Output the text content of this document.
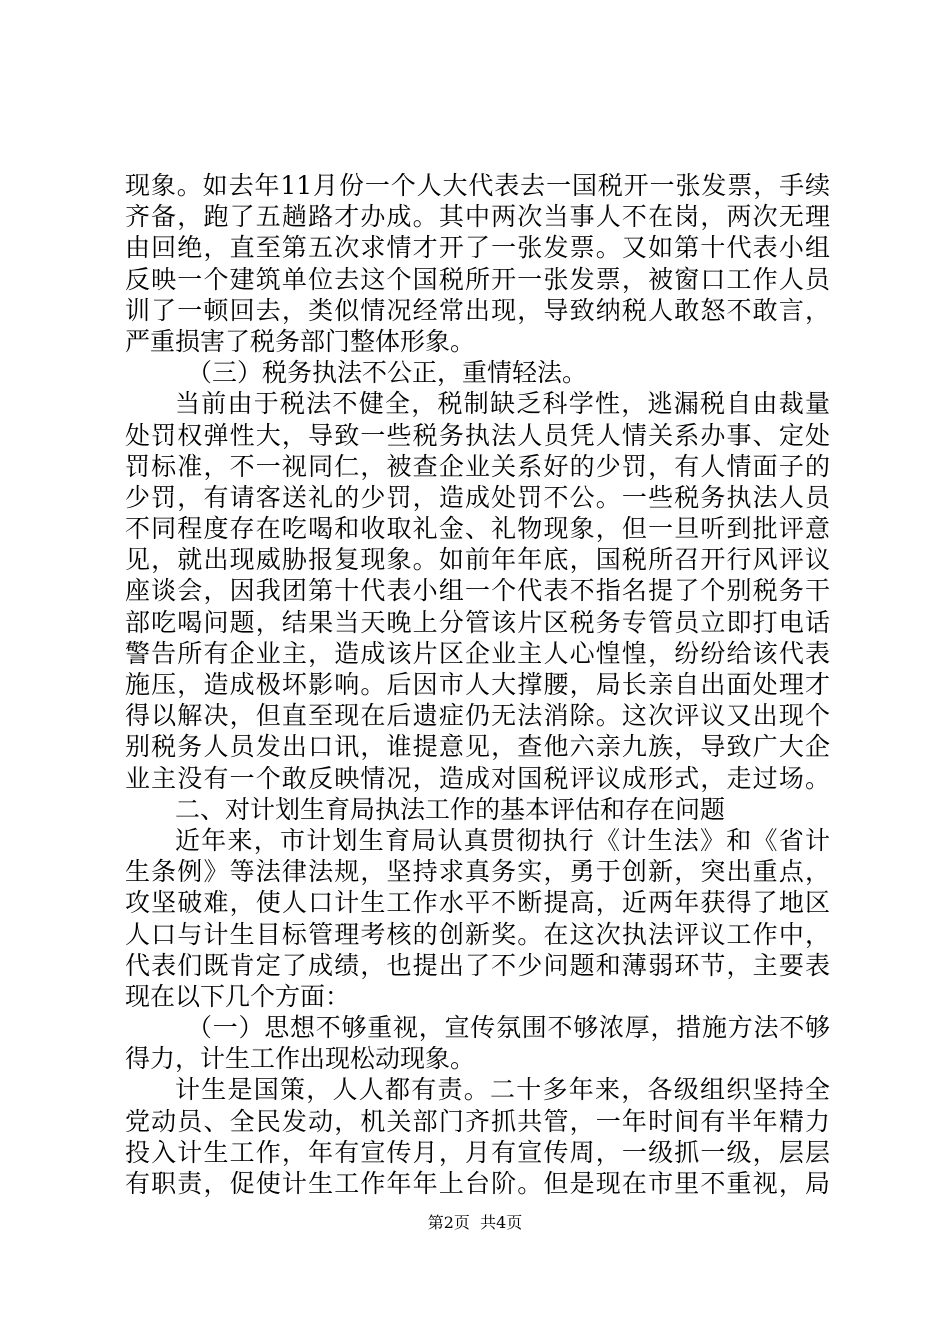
现象。如去年11月份一个人大代表去一国税开一张发票，手续
齐备，跑了五趟路才办成。其中两次当事人不在岗，两次无理
由回绝，直至第五次求情才开了一张发票。又如第十代表小组
反映一个建筑单位去这个国税所开一张发票，被窗口工作人员
训了一顿回去，类似情况经常出现，导致纳税人敢怒不敢言，
严重损害了税务部门整体形象。
（三）税务执法不公正，重情轻法。
当前由于税法不健全，税制缺乏科学性，逃漏税自由裁量
处罚权弹性大，导致一些税务执法人员凭人情关系办事、定处
罚标准，不一视同仁，被查企业关系好的少罚，有人情面子的
少罚，有请客送礼的少罚，造成处罚不公。一些税务执法人员
不同程度存在吃喝和收取礼金、礼物现象，但一旦听到批评意
见，就出现威胁报复现象。如前年年底，国税所召开行风评议
座谈会，因我团第十代表小组一个代表不指名提了个别税务干
部吃喝问题，结果当天晚上分管该片区税务专管员立即打电话
警告所有企业主，造成该片区企业主人心惶惶，纷纷给该代表
施压，造成极坏影响。后因市人大撑腰，局长亲自出面处理才
得以解决，但直至现在后遗症仍无法消除。这次评议又出现个
别税务人员发出口讯，谁提意见，查他六亲九族，导致广大企
业主没有一个敢反映情况，造成对国税评议成形式，走过场。
二、对计划生育局执法工作的基本评估和存在问题
近年来，市计划生育局认真贯彻执行《计生法》和《省计
生条例》等法律法规，坚持求真务实，勇于创新，突出重点，
攻坚破难，使人口计生工作水平不断提高，近两年获得了地区
人口与计生目标管理考核的创新奖。在这次执法评议工作中，
代表们既肯定了成绩，也提出了不少问题和薄弱环节，主要表
现在以下几个方面：
（一）思想不够重视，宣传氛围不够浓厚，措施方法不够
得力，计生工作出现松动现象。
计生是国策，人人都有责。二十多年来，各级组织坚持全
党动员、全民发动，机关部门齐抓共管，一年时间有半年精力
投入计生工作，年有宣传月，月有宣传周，一级抓一级，层层
有职责，促使计生工作年年上台阶。但是现在市里不重视，局
第2页  共4页
